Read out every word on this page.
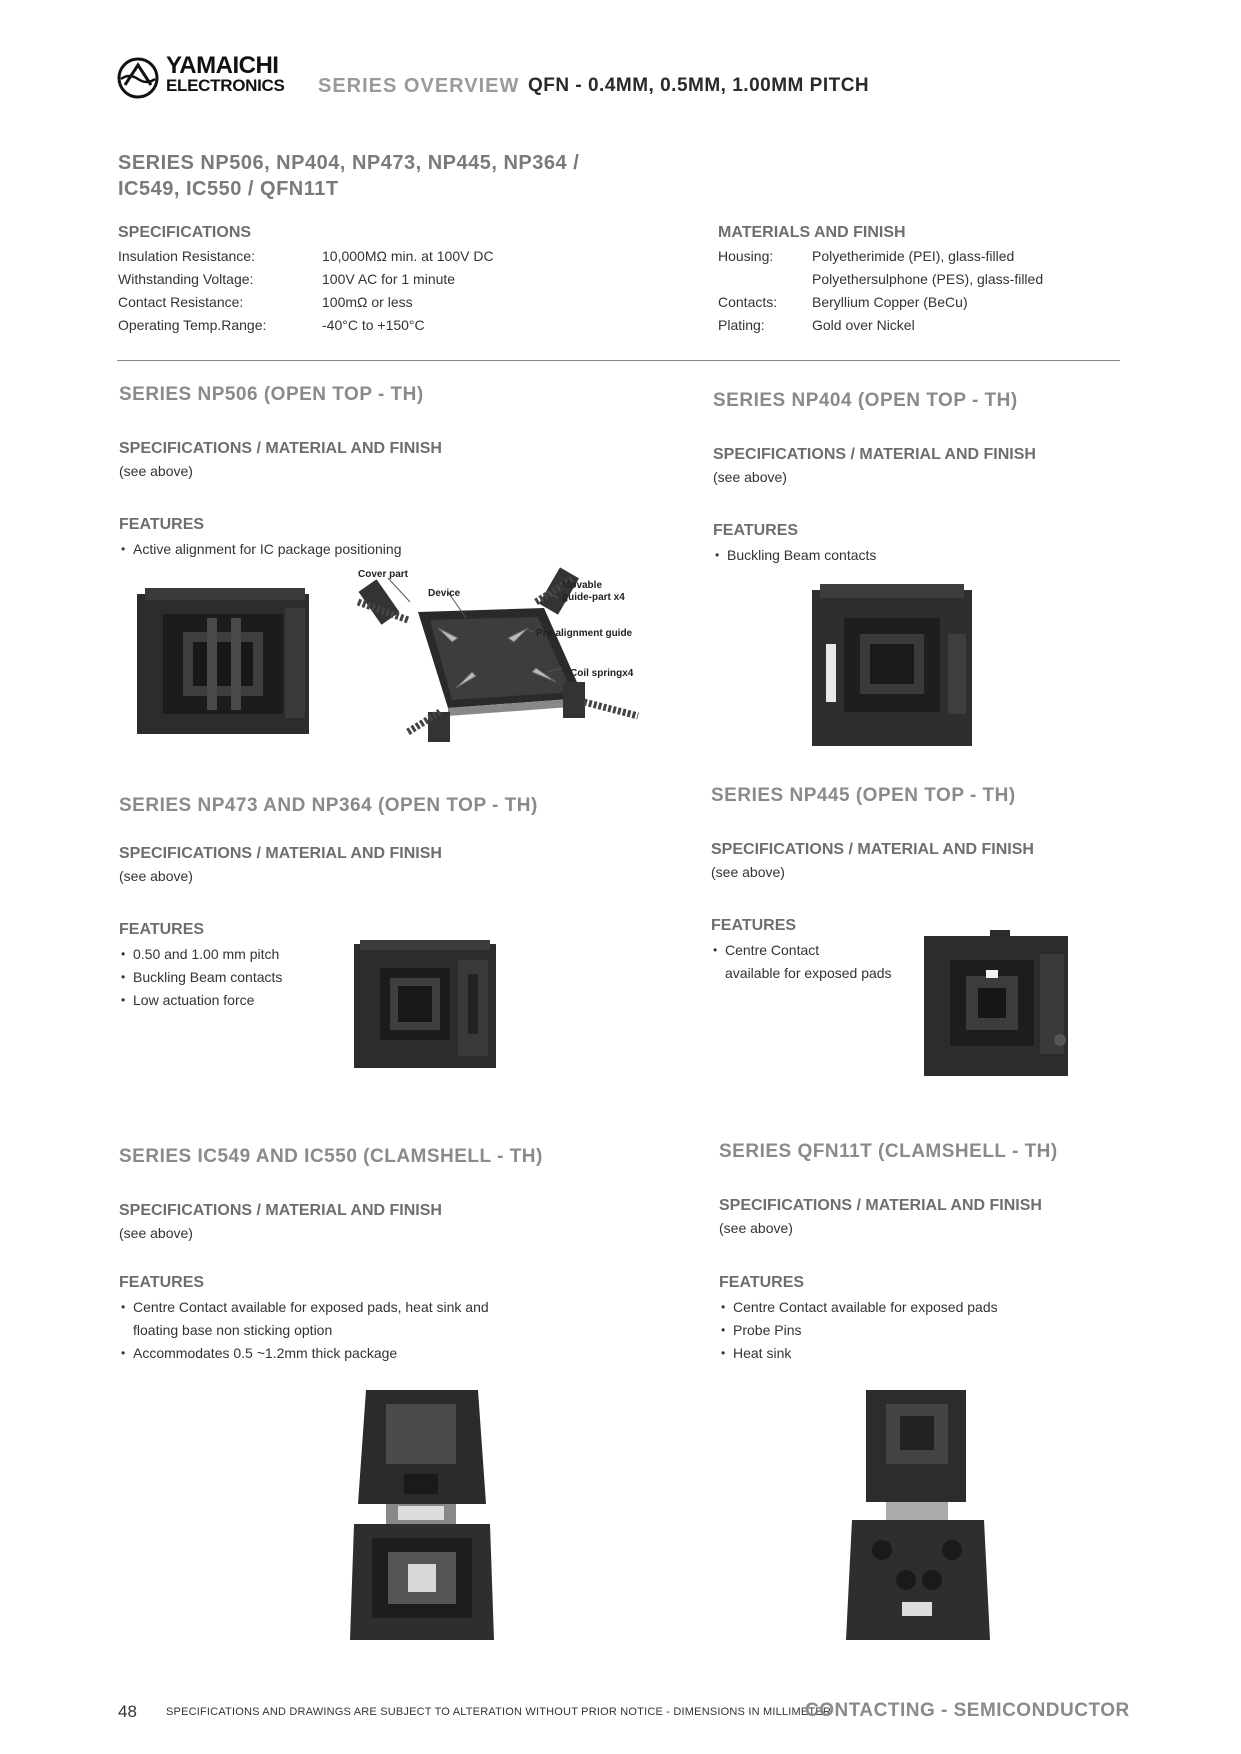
YAMAICHI
ELECTRONICS SERIES OVERVIEW QFN - 0.4MM, 0.5MM, 1.00MM PITCH
SERIES NP506, NP404, NP473, NP445, NP364 /
IC549, IC550 / QFN11T
SPECIFICATIONS
Insulation Resistance:	10,000MΩ min. at 100V DC
Withstanding Voltage:	100V AC for 1 minute
Contact Resistance:	100mΩ or less
Operating Temp.Range:	-40°C to +150°C
MATERIALS AND FINISH
Housing:	Polyetherimide (PEI), glass-filled
	Polyethersulphone (PES), glass-filled
Contacts:	Beryllium Copper (BeCu)
Plating:	Gold over Nickel
SERIES NP506 (OPEN TOP - TH)
SPECIFICATIONS / MATERIAL AND FINISH
(see above)
FEATURES
• Active alignment for IC package positioning
Cover part
Device
Movable
guide-part x4
Pre-alignment guide
Coil springx4
SERIES NP404 (OPEN TOP - TH)
SPECIFICATIONS / MATERIAL AND FINISH
(see above)
FEATURES
• Buckling Beam contacts
SERIES NP473 AND NP364 (OPEN TOP - TH)
SPECIFICATIONS / MATERIAL AND FINISH
(see above)
FEATURES
• 0.50 and 1.00 mm pitch
• Buckling Beam contacts
• Low actuation force
SERIES NP445 (OPEN TOP - TH)
SPECIFICATIONS / MATERIAL AND FINISH
(see above)
FEATURES
• Centre Contact
available for exposed pads
SERIES IC549 AND IC550 (CLAMSHELL - TH)
SPECIFICATIONS / MATERIAL AND FINISH
(see above)
FEATURES
• Centre Contact available for exposed pads, heat sink and
floating base non sticking option
• Accommodates 0.5 ~1.2mm thick package
SERIES QFN11T (CLAMSHELL - TH)
SPECIFICATIONS / MATERIAL AND FINISH
(see above)
FEATURES
• Centre Contact available for exposed pads
• Probe Pins
• Heat sink
48	SPECIFICATIONS AND DRAWINGS ARE SUBJECT TO ALTERATION WITHOUT PRIOR NOTICE - DIMENSIONS IN MILLIMETER
CONTACTING - SEMICONDUCTOR
